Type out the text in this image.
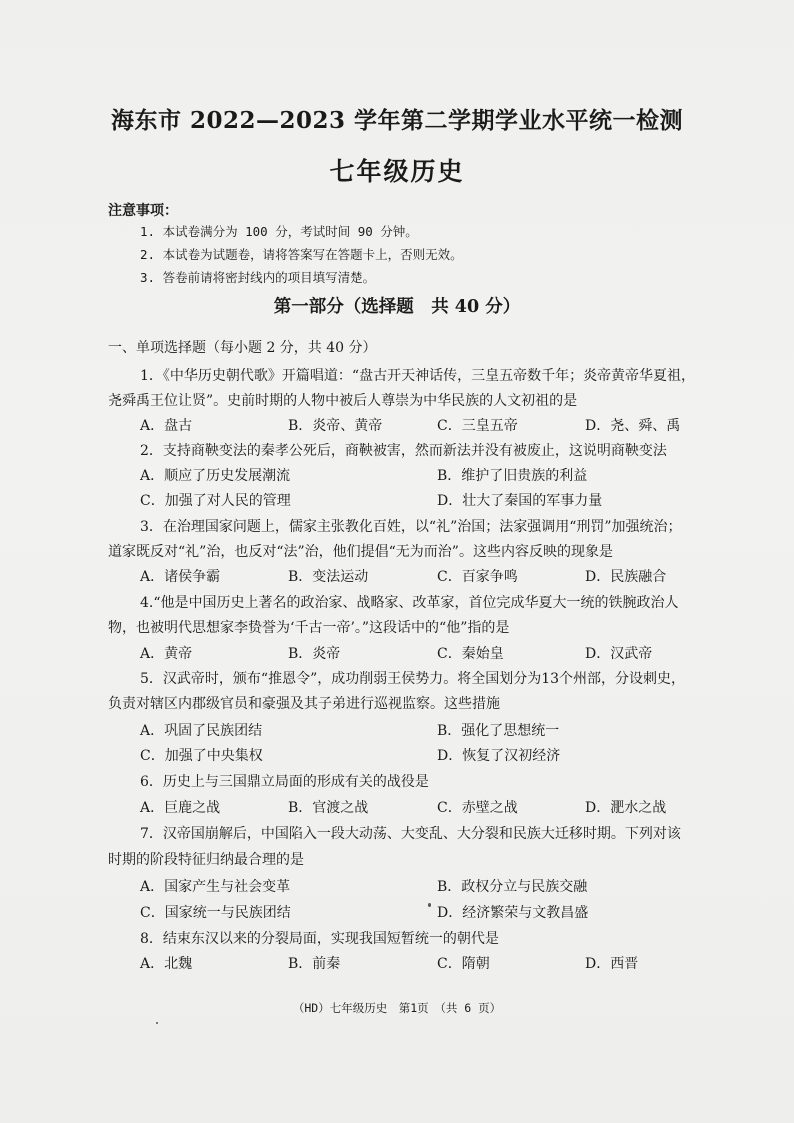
海东市 2022—2023 学年第二学期学业水平统一检测
七年级历史
注意事项：
1. 本试卷满分为 100 分，考试时间 90 分钟。
2. 本试卷为试题卷，请将答案写在答题卡上，否则无效。
3. 答卷前请将密封线内的项目填写清楚。
第一部分（选择题　共 40 分）
一、单项选择题（每小题 2 分，共 40 分）
1．《中华历史朝代歌》开篇唱道：“盘古开天神话传，三皇五帝数千年；炎帝黄帝华夏祖，
尧舜禹王位让贤”。史前时期的人物中被后人尊崇为中华民族的人文初祖的是
A．盘古	B．炎帝、黄帝	C．三皇五帝	D．尧、舜、禹
2．支持商鞅变法的秦孝公死后，商鞅被害，然而新法并没有被废止，这说明商鞅变法
A．顺应了历史发展潮流	B．维护了旧贵族的利益
C．加强了对人民的管理	D．壮大了秦国的军事力量
3．在治理国家问题上，儒家主张教化百姓，以“礼”治国；法家强调用“刑罚”加强统治；
道家既反对“礼”治，也反对“法”治，他们提倡“无为而治”。这些内容反映的现象是
A．诸侯争霸	B．变法运动	C．百家争鸣	D．民族融合
4.“他是中国历史上著名的政治家、战略家、改革家，首位完成华夏大一统的铁腕政治人
物，也被明代思想家李贽誉为‘千古一帝’。”这段话中的“他”指的是
A．黄帝	B．炎帝	C．秦始皇	D．汉武帝
5．汉武帝时，颁布“推恩令”，成功削弱王侯势力。将全国划分为13个州部，分设刺史，
负责对辖区内郡级官员和豪强及其子弟进行巡视监察。这些措施
A．巩固了民族团结	B．强化了思想统一
C．加强了中央集权	D．恢复了汉初经济
6．历史上与三国鼎立局面的形成有关的战役是
A．巨鹿之战	B．官渡之战	C．赤壁之战	D．淝水之战
7．汉帝国崩解后，中国陷入一段大动荡、大变乱、大分裂和民族大迁移时期。下列对该
时期的阶段特征归纳最合理的是
A．国家产生与社会变革	B．政权分立与民族交融
C．国家统一与民族团结	D．经济繁荣与文教昌盛
8．结束东汉以来的分裂局面，实现我国短暂统一的朝代是
A．北魏	B．前秦	C．隋朝	D．西晋
（HD）七年级历史　第1页　（共 6 页）
